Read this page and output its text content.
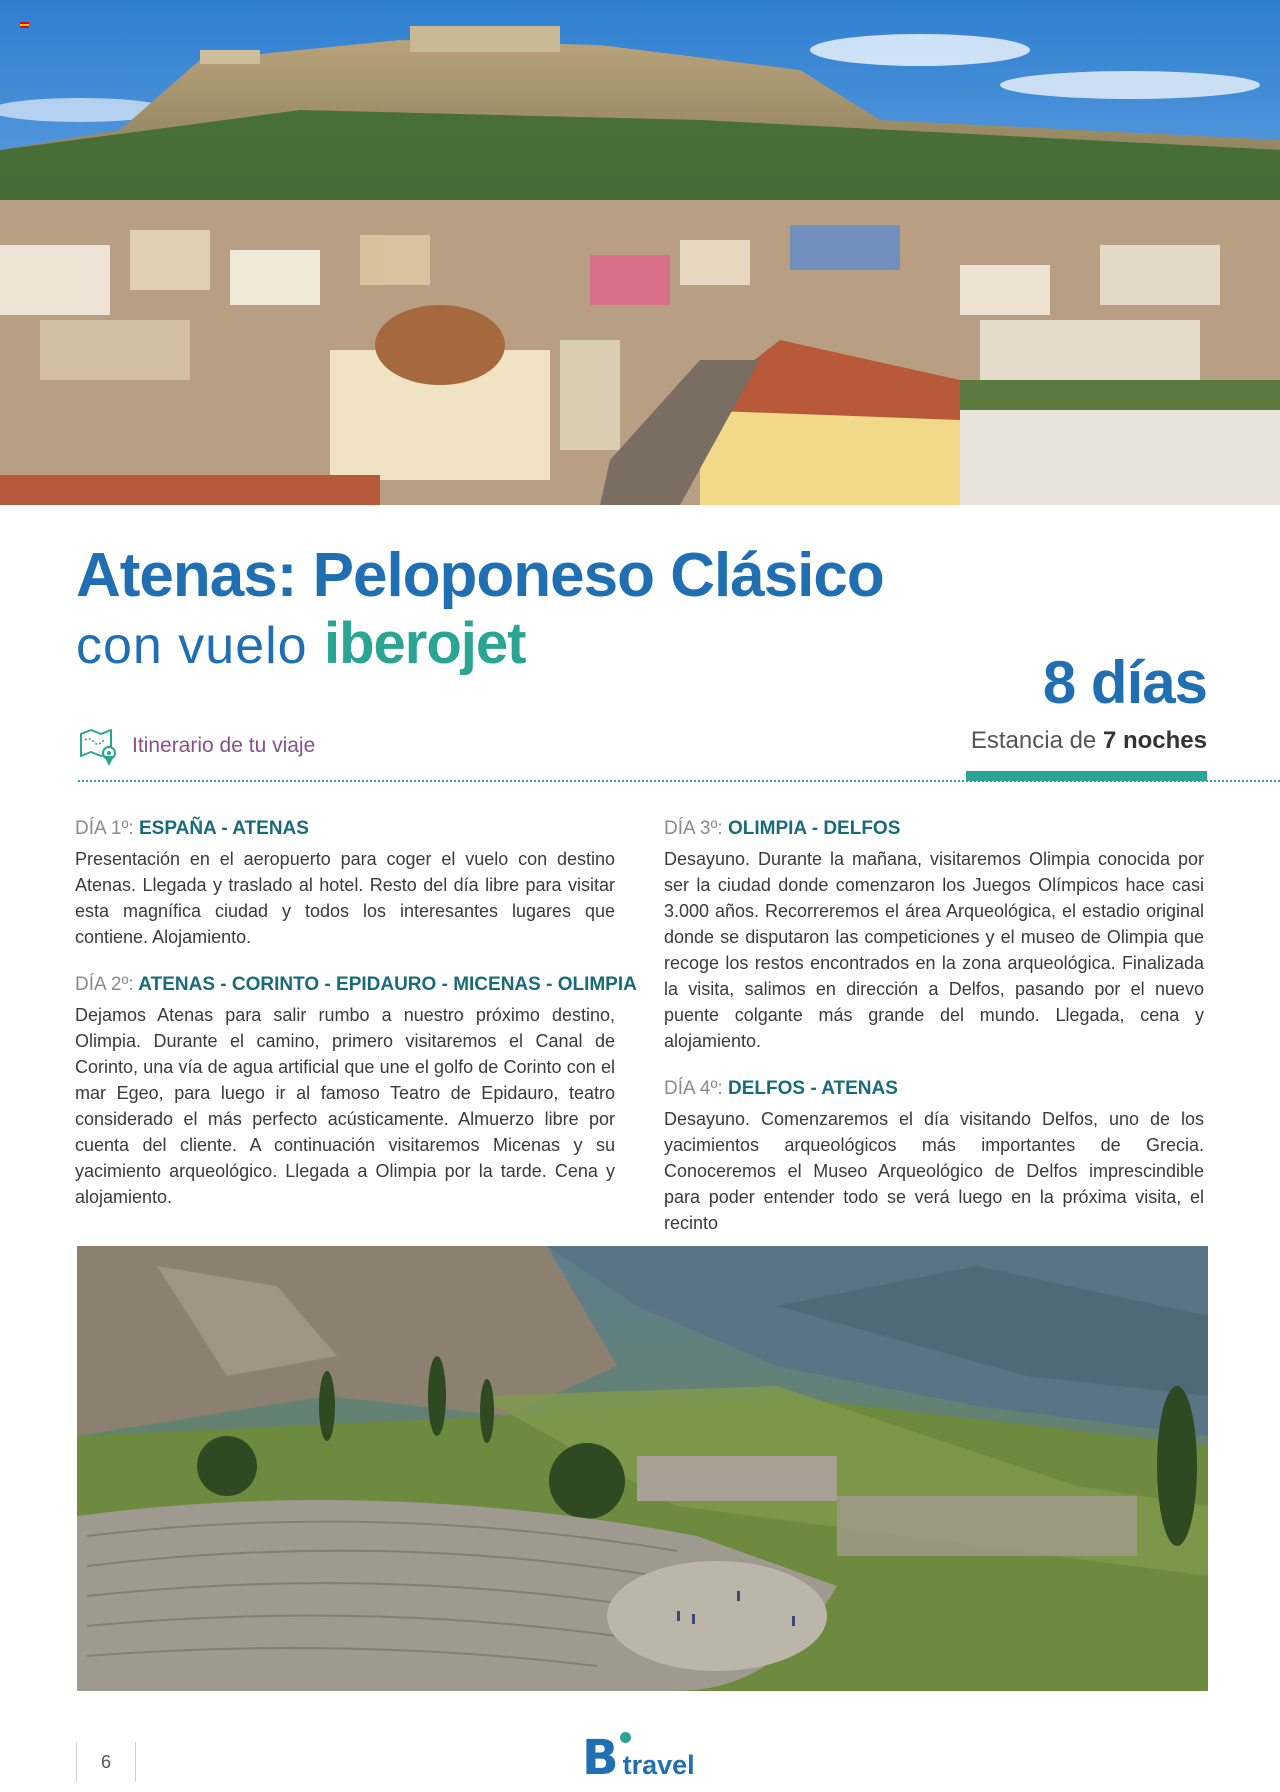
Atenas: Peloponeso Clásico
con vuelo iberojet
8 días
Estancia de 7 noches
Itinerario de tu viaje
DÍA 1º: ESPAÑA - ATENAS

Presentación en el aeropuerto para coger el vuelo con destino Atenas. Llegada y traslado al hotel. Resto del día libre para visitar esta magnífica ciudad y todos los interesantes lugares que contiene. Alojamiento.

DÍA 2º: ATENAS - CORINTO - EPIDAURO - MICENAS - OLIMPIA

Dejamos Atenas para salir rumbo a nuestro próximo destino, Olimpia. Durante el camino, primero visitaremos el Canal de Corinto, una vía de agua artificial que une el golfo de Corinto con el mar Egeo, para luego ir al famoso Teatro de Epidauro, teatro considerado el más perfecto acústicamente. Almuerzo libre por cuenta del cliente. A continuación visitaremos Micenas y su yacimiento arqueológico. Llegada a Olimpia por la tarde. Cena y alojamiento.

DÍA 3º: OLIMPIA - DELFOS

Desayuno. Durante la mañana, visitaremos Olimpia conocida por ser la ciudad donde comenzaron los Juegos Olímpicos hace casi 3.000 años. Recorreremos el área Arqueológica, el estadio original donde se disputaron las competiciones y el museo de Olimpia que recoge los restos encontrados en la zona arqueológica. Finalizada la visita, salimos en dirección a Delfos, pasando por el nuevo puente colgante más grande del mundo. Llegada, cena y alojamiento.

DÍA 4º: DELFOS - ATENAS

Desayuno. Comenzaremos el día visitando Delfos, uno de los yacimientos arqueológicos más importantes de Grecia. Conoceremos el Museo Arqueológico de Delfos imprescindible para poder entender todo se verá luego en la próxima visita, el recinto

6	B travel
